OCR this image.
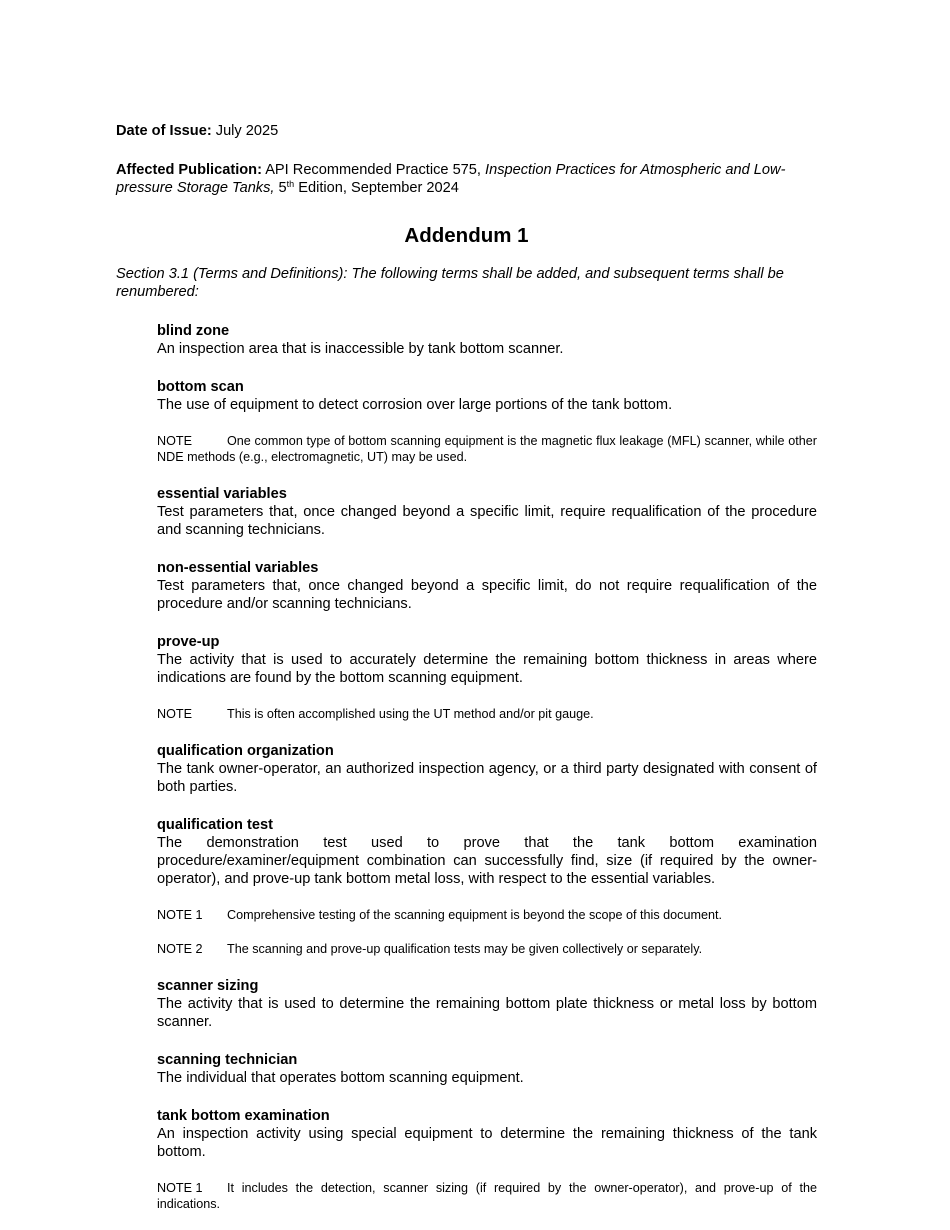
Date of Issue: July 2025

Affected Publication: API Recommended Practice 575, Inspection Practices for Atmospheric and Low-pressure Storage Tanks, 5th Edition, September 2024

Addendum 1

Section 3.1 (Terms and Definitions): The following terms shall be added, and subsequent terms shall be renumbered:

blind zone

An inspection area that is inaccessible by tank bottom scanner.

bottom scan

The use of equipment to detect corrosion over large portions of the tank bottom.

NOTE	One common type of bottom scanning equipment is the magnetic flux leakage (MFL) scanner, while other NDE methods (e.g., electromagnetic, UT) may be used.

essential variables

Test parameters that, once changed beyond a specific limit, require requalification of the procedure and scanning technicians.

non-essential variables

Test parameters that, once changed beyond a specific limit, do not require requalification of the procedure and/or scanning technicians.

prove-up

The activity that is used to accurately determine the remaining bottom thickness in areas where indications are found by the bottom scanning equipment.

NOTE	This is often accomplished using the UT method and/or pit gauge.

qualification organization

The tank owner-operator, an authorized inspection agency, or a third party designated with consent of both parties.

qualification test

The demonstration test used to prove that the tank bottom examination procedure/examiner/equipment combination can successfully find, size (if required by the owner-operator), and prove-up tank bottom metal loss, with respect to the essential variables.

NOTE 1 Comprehensive testing of the scanning equipment is beyond the scope of this document.

NOTE 2 The scanning and prove-up qualification tests may be given collectively or separately.

scanner sizing

The activity that is used to determine the remaining bottom plate thickness or metal loss by bottom scanner.

scanning technician

The individual that operates bottom scanning equipment.

tank bottom examination

An inspection activity using special equipment to determine the remaining thickness of the tank bottom.

NOTE 1 It includes the detection, scanner sizing (if required by the owner-operator), and prove-up of the indications.
